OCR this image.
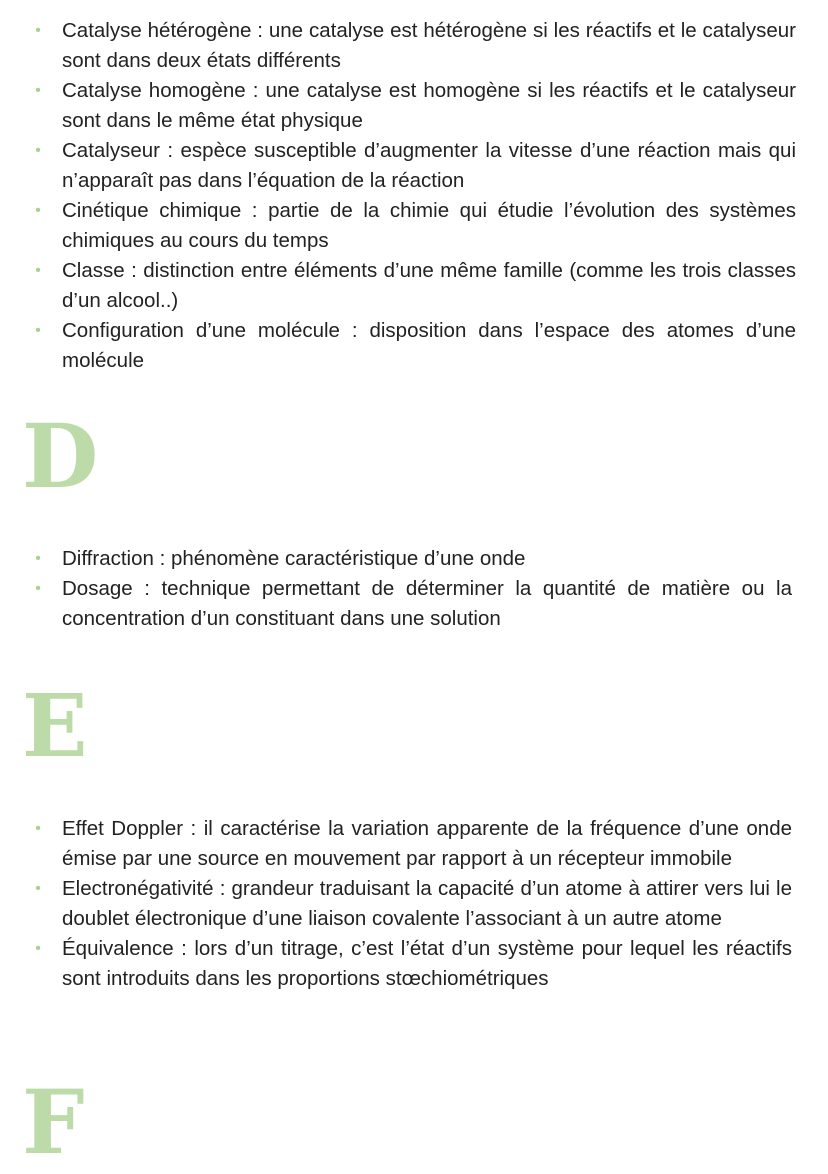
•	Catalyse hétérogène : une catalyse est hétérogène si les réactifs et le catalyseur sont dans deux états différents
•	Catalyse homogène : une catalyse est homogène si les réactifs et le catalyseur sont dans le même état physique
•	Catalyseur : espèce susceptible d’augmenter la vitesse d’une réaction mais qui n’apparaît pas dans l’équation de la réaction
•	Cinétique chimique : partie de la chimie qui étudie l’évolution des systèmes chimiques au cours du temps
•	Classe : distinction entre éléments d’une même famille (comme les trois classes d’un alcool..)
•	Configuration d’une molécule : disposition dans l’espace des atomes d’une molécule
D
•	Diffraction : phénomène caractéristique d’une onde
•	Dosage : technique permettant de déterminer la quantité de matière ou la concentration d’un constituant dans une solution
E
•	Effet Doppler : il caractérise la variation apparente de la fréquence d’une onde émise par une source en mouvement par rapport à un récepteur immobile
•	Electronégativité : grandeur traduisant la capacité d’un atome à attirer vers lui le doublet électronique d’une liaison covalente l’associant à un autre atome
•	Équivalence : lors d’un titrage, c’est l’état d’un système pour lequel les réactifs sont introduits dans les proportions stœchiométriques
F
